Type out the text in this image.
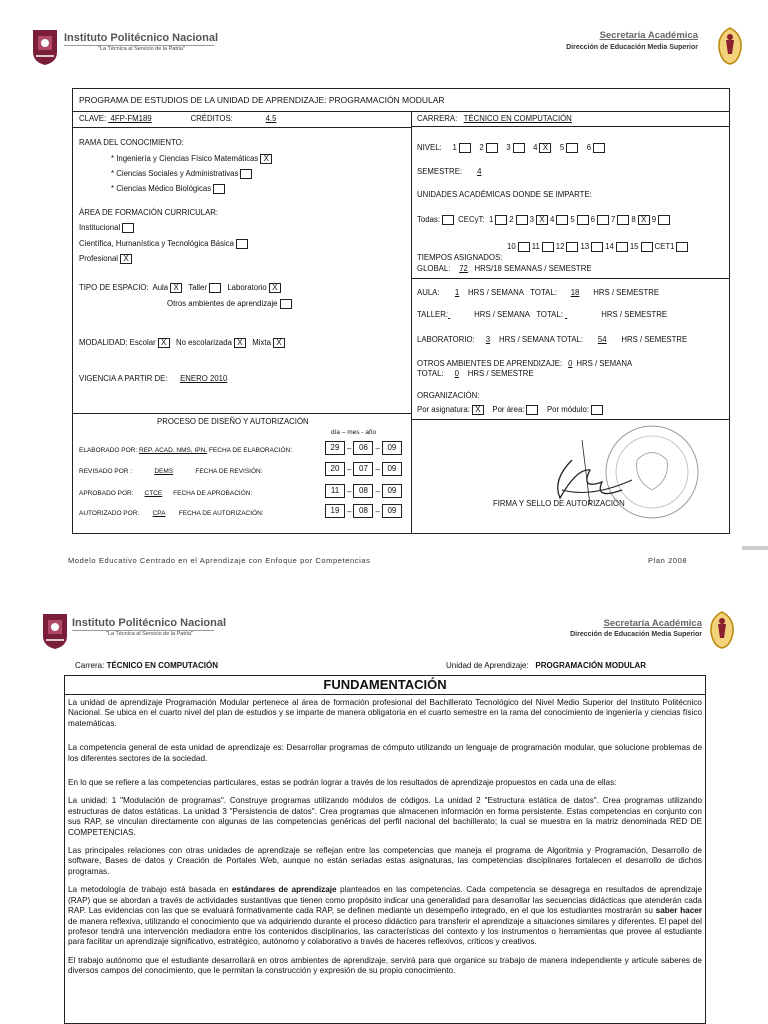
Instituto Politécnico Nacional
"La Técnica al Servicio de la Patria"
Secretaría Académica
Dirección de Educación Media Superior
PROGRAMA DE ESTUDIOS DE LA UNIDAD DE APRENDIZAJE: PROGRAMACIÓN MODULAR
CLAVE: 4FP-FM189	CRÉDITOS:	4.5
RAMA DEL CONOCIMIENTO:
* Ingeniería y Ciencias Físico Matemáticas X
* Ciencias Sociales y Administrativas
* Ciencias Médico Biológicas
ÁREA DE FORMACIÓN CURRICULAR:
Institucional
Científica, Humanística y Tecnológica Básica
Profesional X
TIPO DE ESPACIO: Aula X Taller	Laboratorio X
Otros ambientes de aprendizaje
MODALIDAD: Escolar X No escolarizada X Mixta X
VIGENCIA A PARTIR DE: ENERO 2010
PROCESO DE DISEÑO Y AUTORIZACIÓN
día – mes - año
ELABORADO POR: REP. ACAD. NMS, IPN. FECHA DE ELABORACIÓN:	29 – 06 – 09
REVISADO POR :	DEMS	FECHA DE REVISIÓN:	20 – 07 – 09
APROBADO POR: CTCE FECHA DE APROBACIÓN:	11 – 08 – 09
AUTORIZADO POR: CPA FECHA DE AUTORIZACIÓN:	19 – 08 – 09
CARRERA: TÉCNICO EN COMPUTACIÓN
NIVEL: 1	2	3	4 X 5	6
SEMESTRE: 4
UNIDADES ACADÉMICAS DONDE SE IMPARTE:
Todas: CECyT: 1 2 3 X 4 5 6 7 8 X 9
10 11 12 13 14 15 CET1
TIEMPOS ASIGNADOS:
GLOBAL: 72 HRS/18 SEMANAS / SEMESTRE
AULA: 1 HRS / SEMANA TOTAL: 18 HRS / SEMESTRE
TALLER:	HRS / SEMANA TOTAL:	HRS / SEMESTRE
LABORATORIO: 3 HRS / SEMANA TOTAL: 54 HRS / SEMESTRE
OTROS AMBIENTES DE APRENDIZAJE: 0 HRS / SEMANA
TOTAL: 0 HRS / SEMESTRE
ORGANIZACIÓN:
Por asignatura: X Por área:	Por módulo:
FIRMA Y SELLO DE AUTORIZACIÓN
Modelo Educativo Centrado en el Aprendizaje con Enfoque por Competencias	Plan 2008
Instituto Politécnico Nacional
"La Técnica al Servicio de la Patria"
Secretaría Académica
Dirección de Educación Media Superior
Carrera: TÉCNICO EN COMPUTACIÓN	Unidad de Aprendizaje: PROGRAMACIÓN MODULAR
FUNDAMENTACIÓN

La unidad de aprendizaje Programación Modular pertenece al área de formación profesional del Bachillerato Tecnológico del Nivel Medio Superior del Instituto Politécnico Nacional. Se ubica en el cuarto nivel del plan de estudios y se imparte de manera obligatoria en el cuarto semestre en la rama del conocimiento de ingeniería y ciencias físico matemáticas.

La competencia general de esta unidad de aprendizaje es: Desarrollar programas de cómputo utilizando un lenguaje de programación modular, que solucione problemas de los diferentes sectores de la sociedad.

En lo que se refiere a las competencias particulares, estas se podrán lograr a través de los resultados de aprendizaje propuestos en cada una de ellas:

La unidad: 1 "Modulación de programas". Construye programas utilizando módulos de códigos. La unidad 2 "Estructura estática de datos". Crea programas utilizando estructuras de datos estáticas. La unidad 3 "Persistencia de datos". Crea programas que almacenen información en forma persistente. Estas competencias en conjunto con sus RAP, se vinculan directamente con algunas de las competencias genéricas del perfil nacional del bachillerato; la cual se muestra en la matriz denominada RED DE COMPETENCIAS.

Las principales relaciones con otras unidades de aprendizaje se reflejan entre las competencias que maneja el programa de Algoritmia y Programación, Desarrollo de software, Bases de datos y Creación de Portales Web, aunque no están seriadas estas asignaturas, las competencias disciplinares fortalecen el desarrollo de dichos programas.

La metodología de trabajo está basada en estándares de aprendizaje planteados en las competencias. Cada competencia se desagrega en resultados de aprendizaje (RAP) que se abordan a través de actividades sustantivas que tienen como propósito indicar una generalidad para desarrollar las secuencias didácticas que atenderán cada RAP. Las evidencias con las que se evaluará formativamente cada RAP, se definen mediante un desempeño integrado, en el que los estudiantes mostrarán su saber hacer de manera reflexiva, utilizando el conocimiento que va adquiriendo durante el proceso didáctico para transferir el aprendizaje a situaciones similares y diferentes. El papel del profesor tendrá una intervención mediadora entre los contenidos disciplinarios, las características del contexto y los instrumentos o herramientas que provee al estudiante para facilitar un aprendizaje significativo, estratégico, autónomo y colaborativo a través de haceres reflexivos, críticos y creativos.

El trabajo autónomo que el estudiante desarrollará en otros ambientes de aprendizaje, servirá para que organice su trabajo de manera independiente y articule saberes de diversos campos del conocimiento, que le permitan la construcción y expresión de su propio conocimiento.
